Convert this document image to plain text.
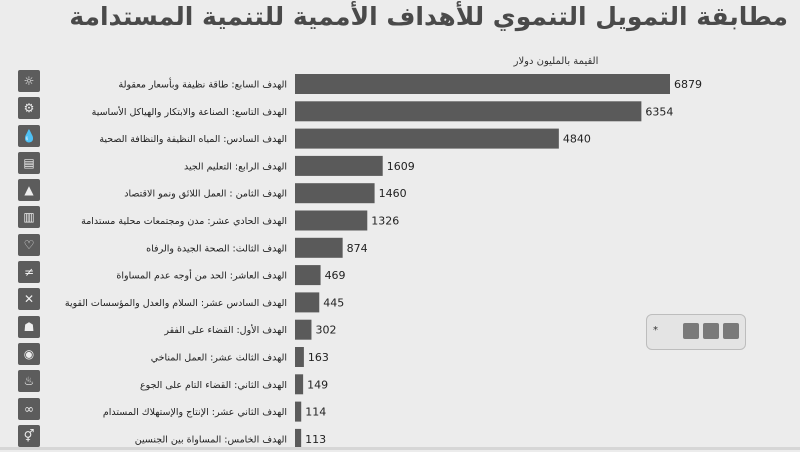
مطابقة التمويل التنموي للأهداف الأممية للتنمية المستدامة
القيمة بالمليون دولار
☼
⚙
💧
▤
▲
▥
♡
≠
✕
☗
◉
♨
∞
⚥
الهدف السابع: طاقة نظيفة وبأسعار معقولة	6879
الهدف التاسع: الصناعة والابتكار والهياكل الأساسية	6354
الهدف السادس: المياه النظيفة والنظافة الصحية	4840
الهدف الرابع: التعليم الجيد	1609
الهدف الثامن : العمل اللائق ونمو الاقتصاد	1460
الهدف الحادي عشر: مدن ومجتمعات محلية مستدامة	1326
الهدف الثالث: الصحة الجيدة والرفاه	874
الهدف العاشر: الحد من أوجه عدم المساواة	469
الهدف السادس عشر: السلام والعدل والمؤسسات القوية	445
الهدف الأول: القضاء على الفقر	302
الهدف الثالث عشر: العمل المناخي 163
الهدف الثاني: القضاء التام على الجوع 149
الهدف الثاني عشر: الإنتاج والإستهلاك المستدام 114
الهدف الخامس: المساواة بين الجنسين 113
*
